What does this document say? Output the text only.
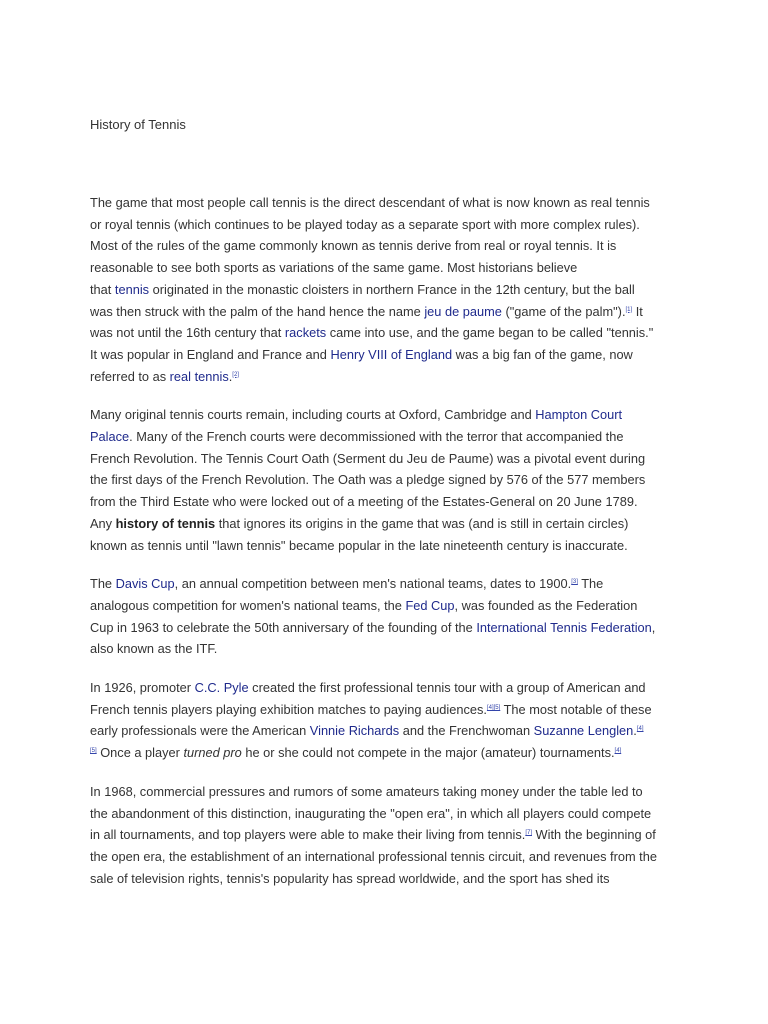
History of Tennis

The game that most people call tennis is the direct descendant of what is now known as real tennis
or royal tennis (which continues to be played today as a separate sport with more complex rules).
Most of the rules of the game commonly known as tennis derive from real or royal tennis. It is
reasonable to see both sports as variations of the same game. Most historians believe
that tennis originated in the monastic cloisters in northern France in the 12th century, but the ball
was then struck with the palm of the hand hence the name jeu de paume ("game of the palm").[1] It
was not until the 16th century that rackets came into use, and the game began to be called "tennis."
It was popular in England and France and Henry VIII of England was a big fan of the game, now
referred to as real tennis.[2]

Many original tennis courts remain, including courts at Oxford, Cambridge and Hampton Court
Palace. Many of the French courts were decommissioned with the terror that accompanied the
French Revolution. The Tennis Court Oath (Serment du Jeu de Paume) was a pivotal event during
the first days of the French Revolution. The Oath was a pledge signed by 576 of the 577 members
from the Third Estate who were locked out of a meeting of the Estates-General on 20 June 1789.
Any history of tennis that ignores its origins in the game that was (and is still in certain circles)
known as tennis until "lawn tennis" became popular in the late nineteenth century is inaccurate.

The Davis Cup, an annual competition between men's national teams, dates to 1900.[3] The
analogous competition for women's national teams, the Fed Cup, was founded as the Federation
Cup in 1963 to celebrate the 50th anniversary of the founding of the International Tennis Federation,
also known as the ITF.

In 1926, promoter C.C. Pyle created the first professional tennis tour with a group of American and
French tennis players playing exhibition matches to paying audiences.[4][5] The most notable of these
early professionals were the American Vinnie Richards and the Frenchwoman Suzanne Lenglen.[4]
[5] Once a player turned pro he or she could not compete in the major (amateur) tournaments.[4]

In 1968, commercial pressures and rumors of some amateurs taking money under the table led to
the abandonment of this distinction, inaugurating the "open era", in which all players could compete
in all tournaments, and top players were able to make their living from tennis.[7] With the beginning of
the open era, the establishment of an international professional tennis circuit, and revenues from the
sale of television rights, tennis's popularity has spread worldwide, and the sport has shed its
